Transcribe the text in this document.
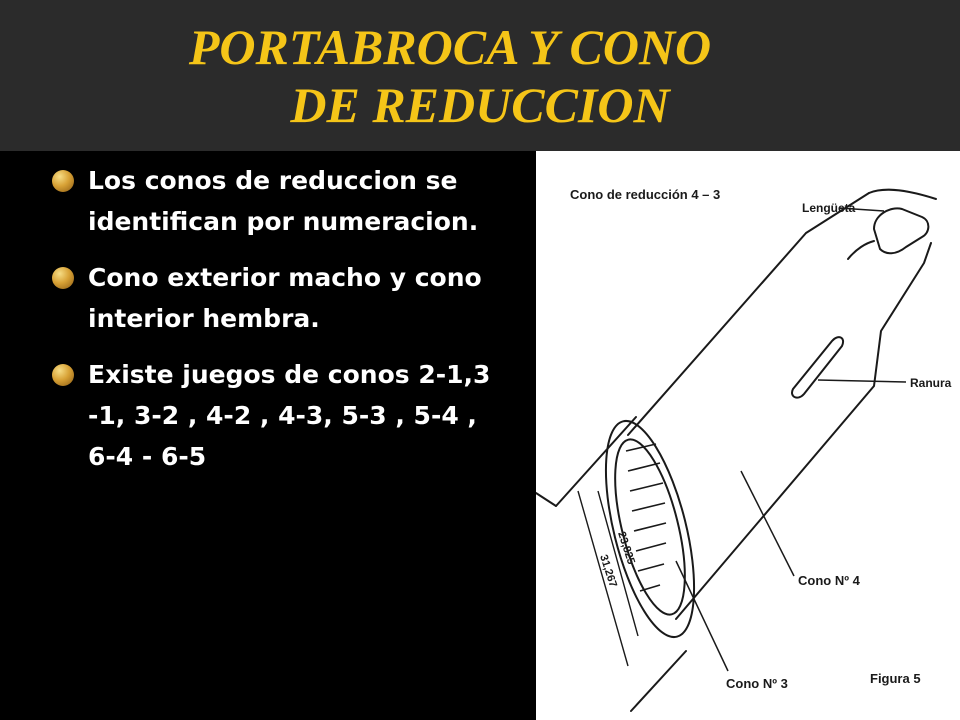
PORTABROCA Y CONO
DE REDUCCION
Los conos de reduccion se identifican por numeracion.
Cono exterior macho y cono interior hembra.
Existe juegos de conos 2-1,3 -1, 3-2 , 4-2 , 4-3, 5-3 , 5-4 , 6-4 - 6-5
Cono de reducción 4 – 3
Lengüeta
Ranura
Cono Nº 4
Cono Nº 3	Figura 5
23,825
31,267
